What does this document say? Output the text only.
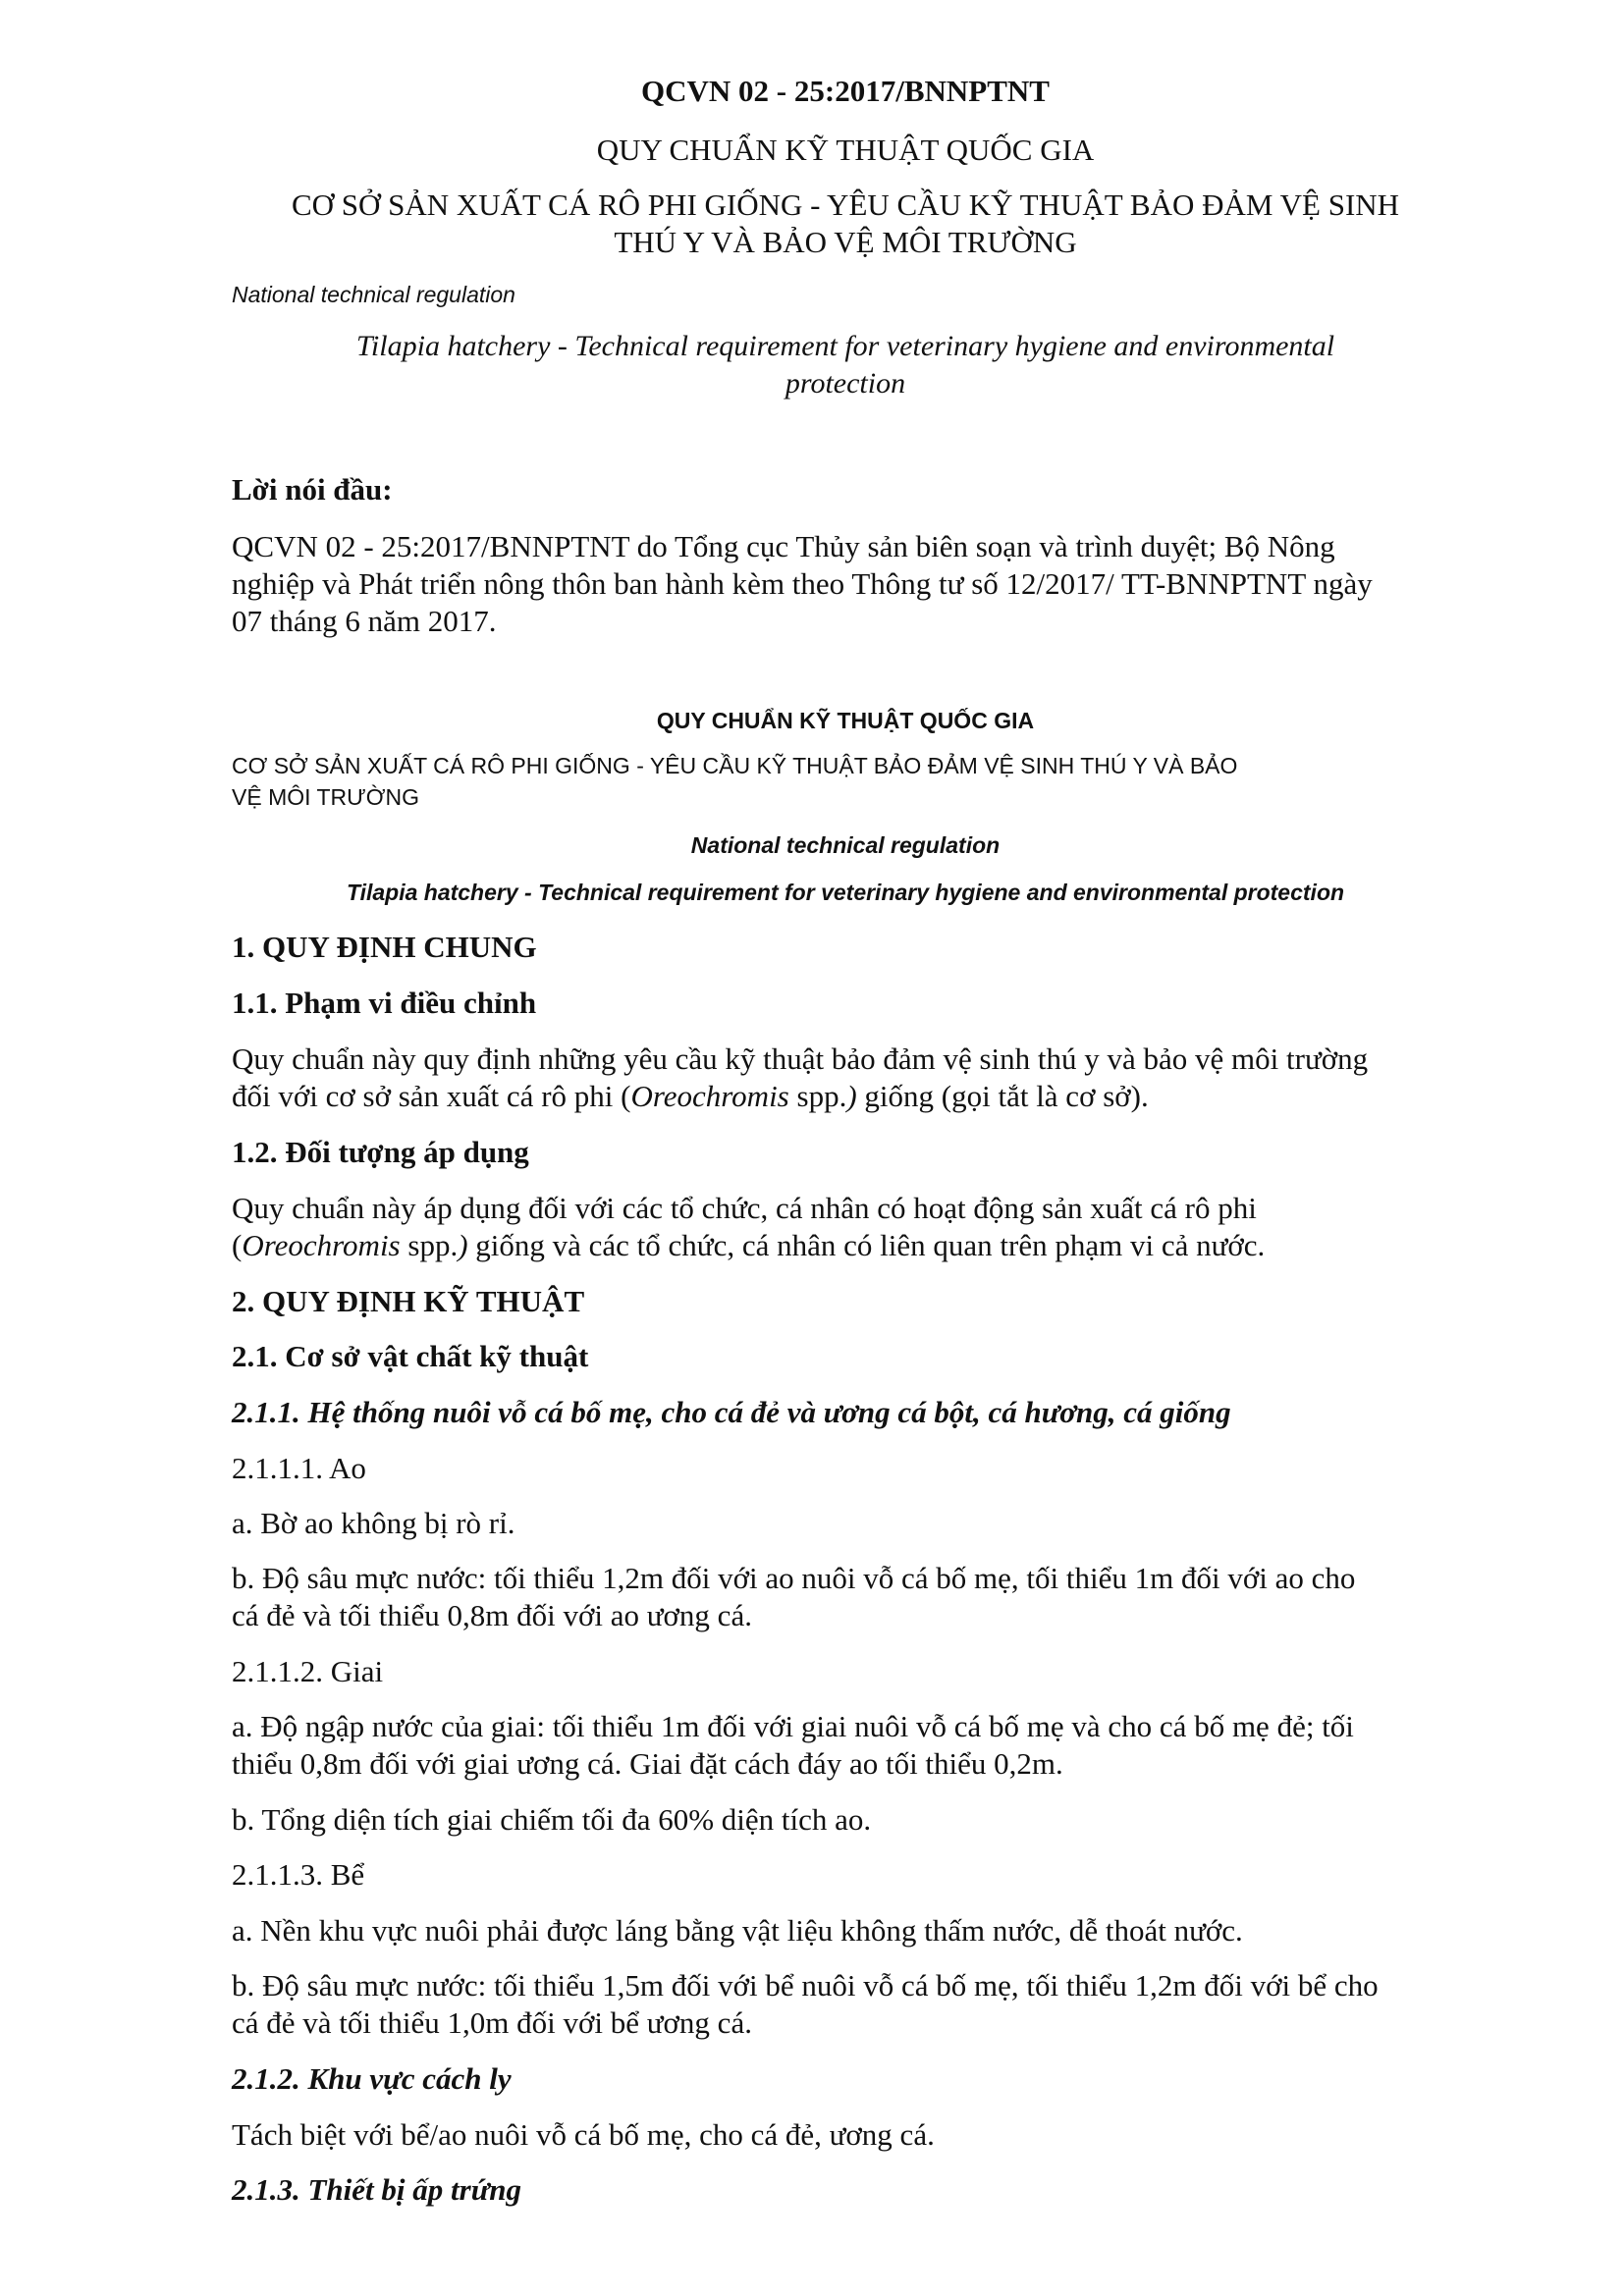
QCVN 02 - 25:2017/BNNPTNT
QUY CHUẨN KỸ THUẬT QUỐC GIA
CƠ SỞ SẢN XUẤT CÁ RÔ PHI GIỐNG - YÊU CẦU KỸ THUẬT BẢO ĐẢM VỆ SINH
THÚ Y VÀ BẢO VỆ MÔI TRƯỜNG
National technical regulation
Tilapia hatchery - Technical requirement for veterinary hygiene and environmental
protection
Lời nói đầu:
QCVN 02 - 25:2017/BNNPTNT do Tổng cục Thủy sản biên soạn và trình duyệt; Bộ Nông
nghiệp và Phát triển nông thôn ban hành kèm theo Thông tư số 12/2017/ TT-BNNPTNT ngày
07 tháng 6 năm 2017.
QUY CHUẨN KỸ THUẬT QUỐC GIA
CƠ SỞ SẢN XUẤT CÁ RÔ PHI GIỐNG - YÊU CẦU KỸ THUẬT BẢO ĐẢM VỆ SINH THÚ Y VÀ BẢO
VỆ MÔI TRƯỜNG
National technical regulation
Tilapia hatchery - Technical requirement for veterinary hygiene and environmental protection
1. QUY ĐỊNH CHUNG
1.1. Phạm vi điều chỉnh
Quy chuẩn này quy định những yêu cầu kỹ thuật bảo đảm vệ sinh thú y và bảo vệ môi trường
đối với cơ sở sản xuất cá rô phi (Oreochromis spp.) giống (gọi tắt là cơ sở).
1.2. Đối tượng áp dụng
Quy chuẩn này áp dụng đối với các tổ chức, cá nhân có hoạt động sản xuất cá rô phi
(Oreochromis spp.) giống và các tổ chức, cá nhân có liên quan trên phạm vi cả nước.
2. QUY ĐỊNH KỸ THUẬT
2.1. Cơ sở vật chất kỹ thuật
2.1.1. Hệ thống nuôi vỗ cá bố mẹ, cho cá đẻ và ương cá bột, cá hương, cá giống
2.1.1.1. Ao
a. Bờ ao không bị rò rỉ.
b. Độ sâu mực nước: tối thiểu 1,2m đối với ao nuôi vỗ cá bố mẹ, tối thiểu 1m đối với ao cho
cá đẻ và tối thiểu 0,8m đối với ao ương cá.
2.1.1.2. Giai
a. Độ ngập nước của giai: tối thiểu 1m đối với giai nuôi vỗ cá bố mẹ và cho cá bố mẹ đẻ; tối
thiểu 0,8m đối với giai ương cá. Giai đặt cách đáy ao tối thiểu 0,2m.
b. Tổng diện tích giai chiếm tối đa 60% diện tích ao.
2.1.1.3. Bể
a. Nền khu vực nuôi phải được láng bằng vật liệu không thấm nước, dễ thoát nước.
b. Độ sâu mực nước: tối thiểu 1,5m đối với bể nuôi vỗ cá bố mẹ, tối thiểu 1,2m đối với bể cho
cá đẻ và tối thiểu 1,0m đối với bể ương cá.
2.1.2. Khu vực cách ly
Tách biệt với bể/ao nuôi vỗ cá bố mẹ, cho cá đẻ, ương cá.
2.1.3. Thiết bị ấp trứng
